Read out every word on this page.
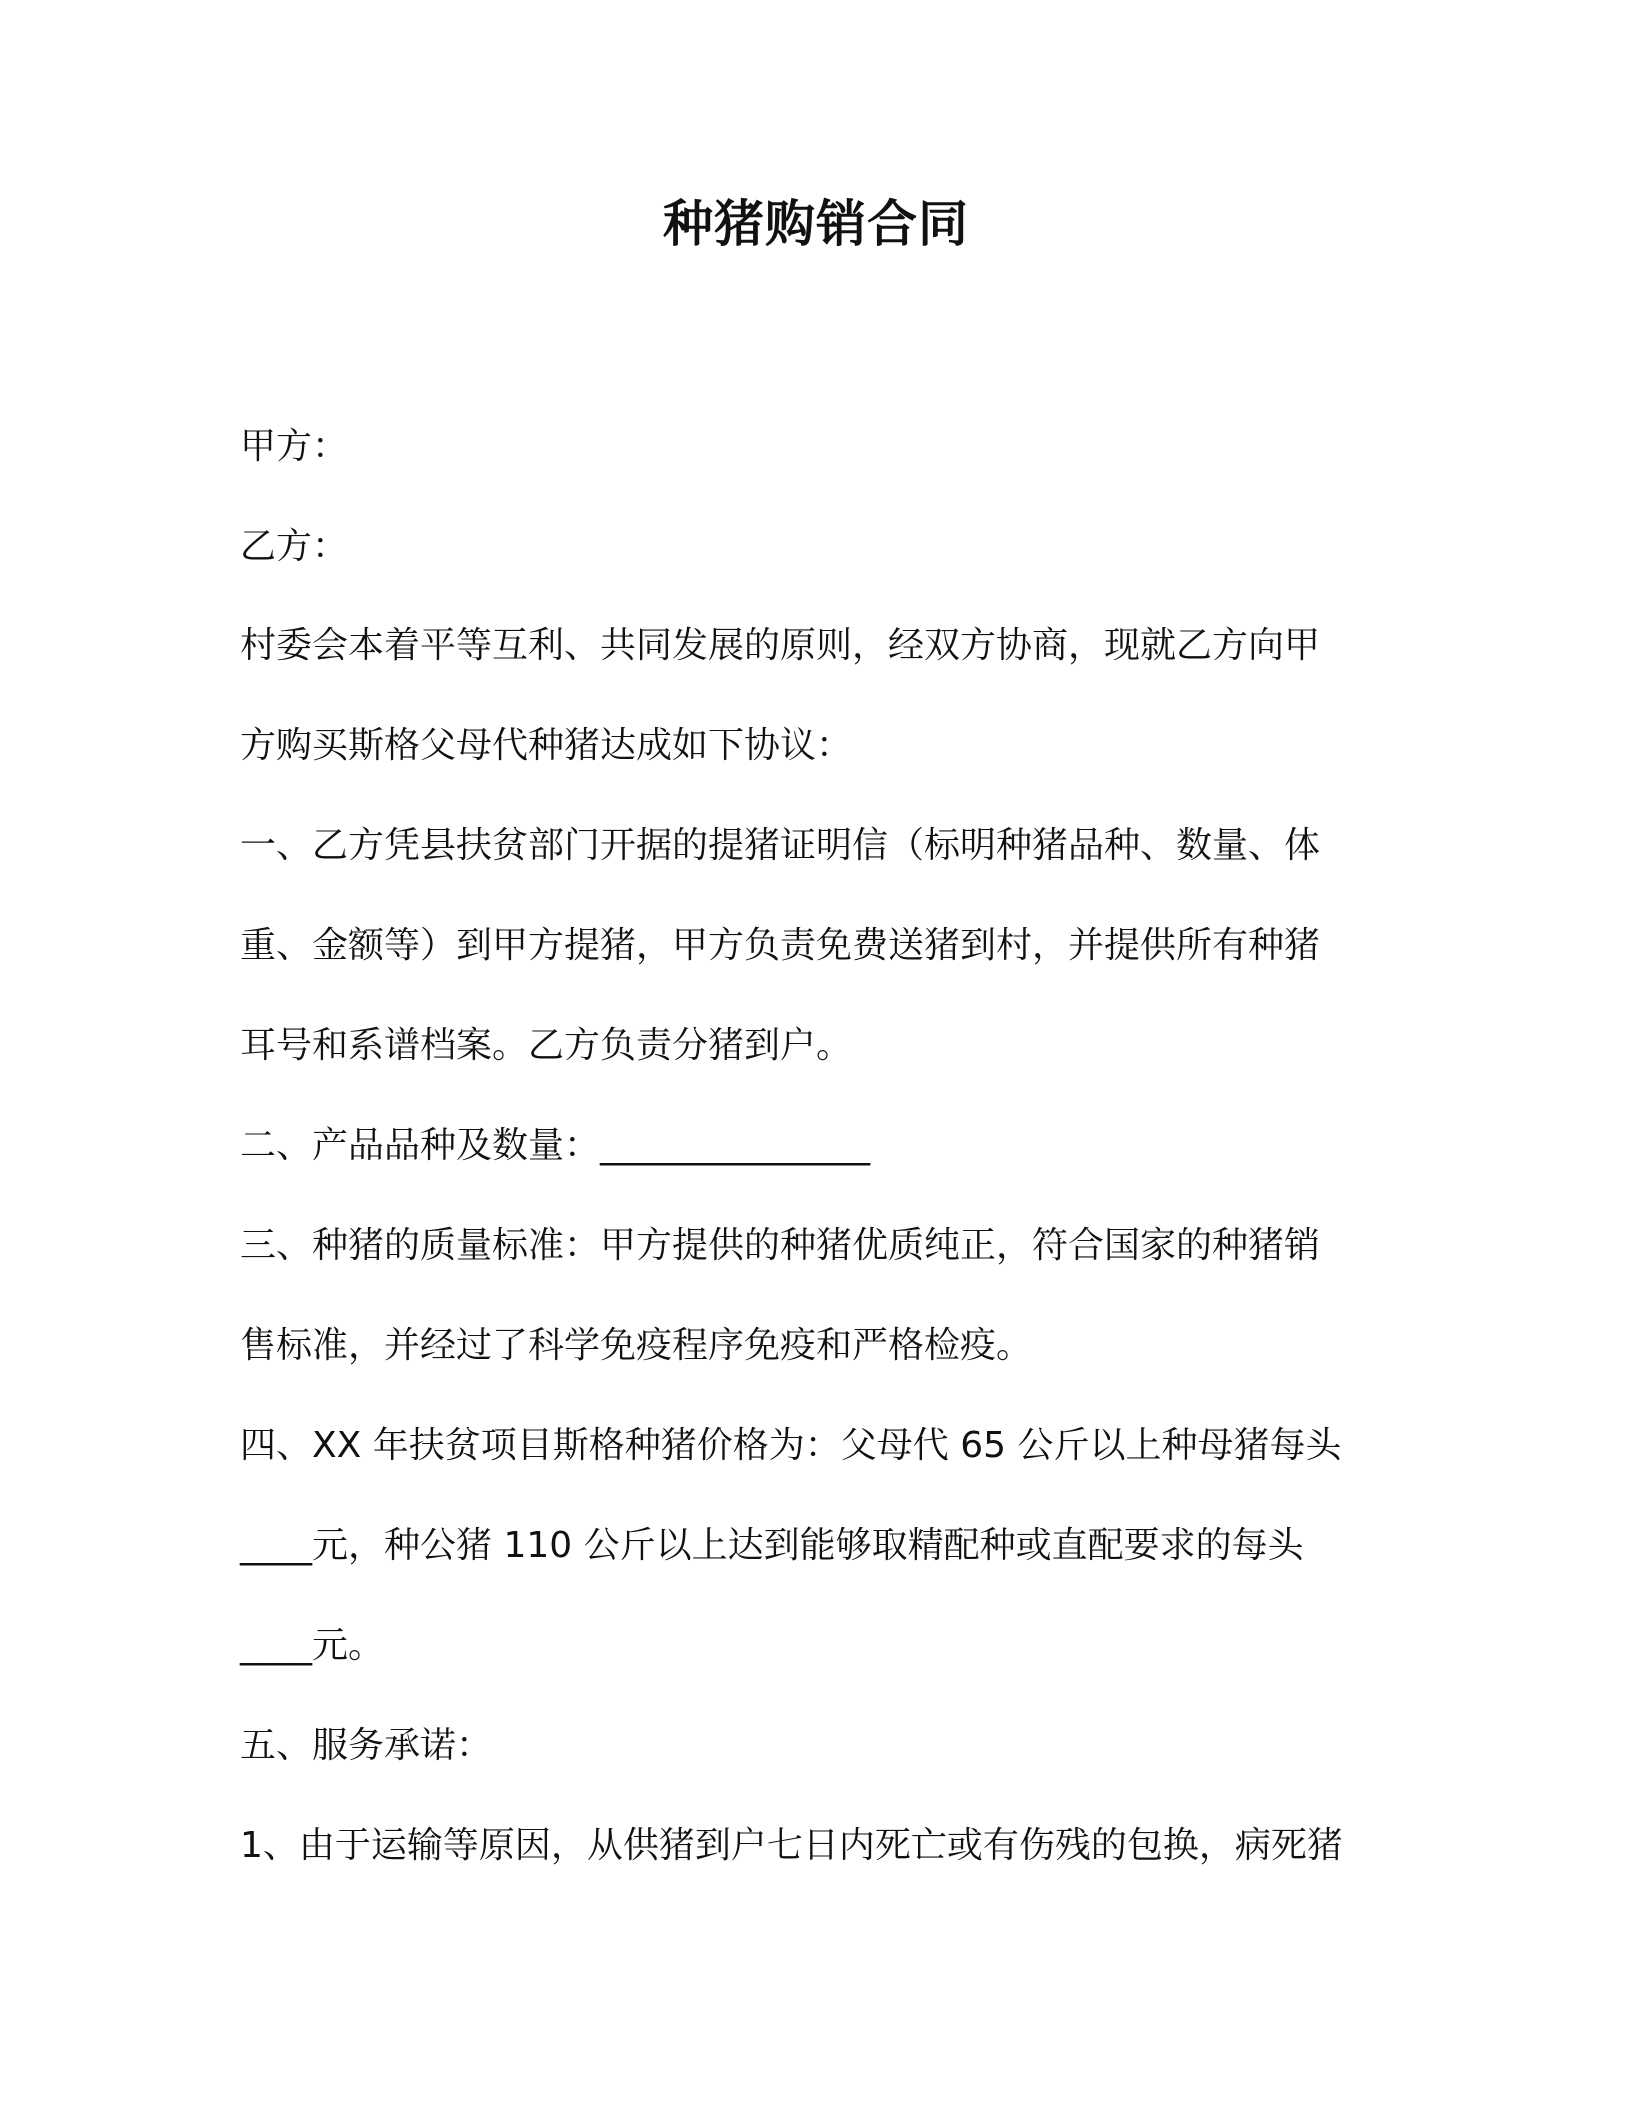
种猪购销合同

甲方：

乙方：

村委会本着平等互利、共同发展的原则，经双方协商，现就乙方向甲

方购买斯格父母代种猪达成如下协议：

一、乙方凭县扶贫部门开据的提猪证明信（标明种猪品种、数量、体

重、金额等）到甲方提猪，甲方负责免费送猪到村，并提供所有种猪

耳号和系谱档案。乙方负责分猪到户。

二、产品品种及数量：_______________

三、种猪的质量标准：甲方提供的种猪优质纯正，符合国家的种猪销

售标准，并经过了科学免疫程序免疫和严格检疫。

四、XX 年扶贫项目斯格种猪价格为：父母代 65 公斤以上种母猪每头

____元，种公猪 110 公斤以上达到能够取精配种或直配要求的每头

____元。

五、服务承诺：

1、由于运输等原因，从供猪到户七日内死亡或有伤残的包换，病死猪
